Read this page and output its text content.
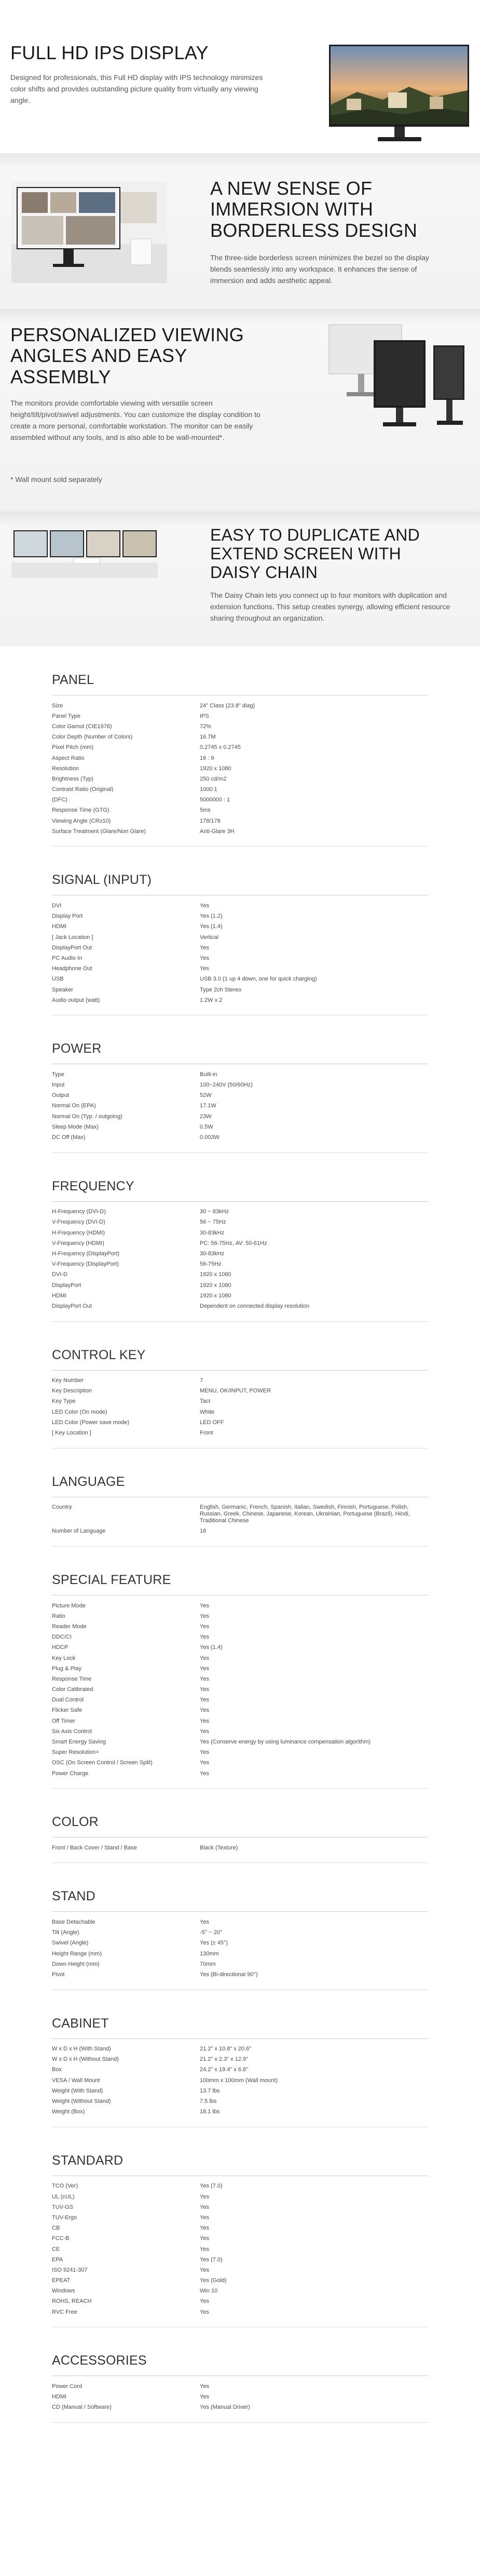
FULL HD IPS DISPLAY
Designed for professionals, this Full HD display with IPS technology minimizes color shifts and provides outstanding picture quality from virtually any viewing angle.
A NEW SENSE OF
IMMERSION WITH
BORDERLESS DESIGN
The three-side borderless screen minimizes the bezel so the display blends seamlessly into any workspace. It enhances the sense of immersion and adds aesthetic appeal.
PERSONALIZED VIEWING
ANGLES AND EASY
ASSEMBLY
The monitors provide comfortable viewing with versatile screen height/tilt/pivot/swivel adjustments. You can customize the display condition to create a more personal, comfortable workstation. The monitor can be easily assembled without any tools, and is also able to be wall-mounted*.
* Wall mount sold separately
EASY TO DUPLICATE AND
EXTEND SCREEN WITH
DAISY CHAIN
The Daisy Chain lets you connect up to four monitors with duplication and extension functions. This setup creates synergy, allowing efficient resource sharing throughout an organization.
PANEL
Size	24" Class (23.8" diag)
Panel Type	IPS
Color Gamut (CIE1976)	72%
Color Depth (Number of Colors)	16.7M
Pixel Pitch (mm)	0.2745 x 0.2745
Aspect Ratio	16 : 9
Resolution	1920 x 1080
Brightness (Typ)	250 cd/m2
Contrast Ratio (Original)	1000:1
(DFC)	5000000 : 1
Response Time (GTG)	5ms
Viewing Angle (CR≥10)	178/178
Surface Treatment (Glare/Non Glare)	Anti-Glare 3H
SIGNAL (INPUT)
DVI	Yes
Display Port	Yes (1.2)
HDMI	Yes (1.4)
[ Jack Location ]	Vertical
DisplayPort Out	Yes
PC Audio In	Yes
Headphone Out	Yes
USB	USB 3.0 (1 up 4 down, one for quick charging)
Speaker	Type 2ch Stereo
Audio output (watt)	1.2W x 2
POWER
Type	Built-in
Input	100~240V (50/60Hz)
Output	52W
Normal On (EPA)	17.1W
Normal On (Typ. / outgoing)	23W
Sleep Mode (Max)	0.5W
DC Off (Max)	0.003W
FREQUENCY
H-Frequency (DVI-D)	30 ~ 83kHz
V-Frequency (DVI-D)	56 ~ 75Hz
H-Frequency (HDMI)	30-83kHz
V-Frequency (HDMI)	PC: 56-75Hz, AV: 50-61Hz
H-Frequency (DisplayPort)	30-83kHz
V-Frequency (DisplayPort)	56-75Hz
DVI-D	1920 x 1080
DisplayPort	1920 x 1080
HDMI	1920 x 1080
DisplayPort Out	Dependent on connected display resolution
CONTROL KEY
Key Number	7
Key Description	MENU, OK/INPUT, POWER
Key Type	Tact
LED Color (On mode)	White
LED Color (Power save mode)	LED OFF
[ Key Location ]	Front
LANGUAGE
Country	English, Germanic, French, Spanish, Italian, Swedish, Finnish, Portuguese, Polish, Russian, Greek, Chinese, Japanese, Korean, Ukrainian, Portuguese (Brazil), Hindi, Traditional Chinese
Number of Language	18
SPECIAL FEATURE
Picture Mode	Yes
Ratio	Yes
Reader Mode	Yes
DDC/CI	Yes
HDCP	Yes (1.4)
Key Lock	Yes
Plug & Play	Yes
Response Time	Yes
Color Calibrated	Yes
Dual Control	Yes
Flicker Safe	Yes
Off Timer	Yes
Six Axis Control	Yes
Smart Energy Saving	Yes (Conserve energy by using luminance compensation algorithm)
Super Resolution+	Yes
OSC (On Screen Control / Screen Split)	Yes
Power Charge	Yes
COLOR
Front / Back Cover / Stand / Base	Black (Texture)
STAND
Base Detachable	Yes
Tilt (Angle)	-5° ~ 20°
Swivel (Angle)	Yes (± 45°)
Height Range (mm)	130mm
Down Height (mm)	70mm
Pivot	Yes (Bi-directional 90°)
CABINET
W x D x H (With Stand)	21.2" x 10.8" x 20.6"
W x D x H (Without Stand)	21.2" x 2.3" x 12.9"
Box	24.2" x 19.4" x 6.8"
VESA / Wall Mount	100mm x 100mm (Wall mount)
Weight (With Stand)	13.7 lbs
Weight (Without Stand)	7.5 lbs
Weight (Box)	18.1 lbs
STANDARD
TCO (Ver)	Yes (7.0)
UL (cUL)	Yes
TUV-GS	Yes
TUV-Ergo	Yes
CB	Yes
FCC-B	Yes
CE	Yes
EPA	Yes (7.0)
ISO 9241-307	Yes
EPEAT	Yes (Gold)
Windows	Win 10
ROHS, REACH	Yes
RVC Free	Yes
ACCESSORIES
Power Cord	Yes
HDMI	Yes
CD (Manual / Software)	Yes (Manual Driver)
